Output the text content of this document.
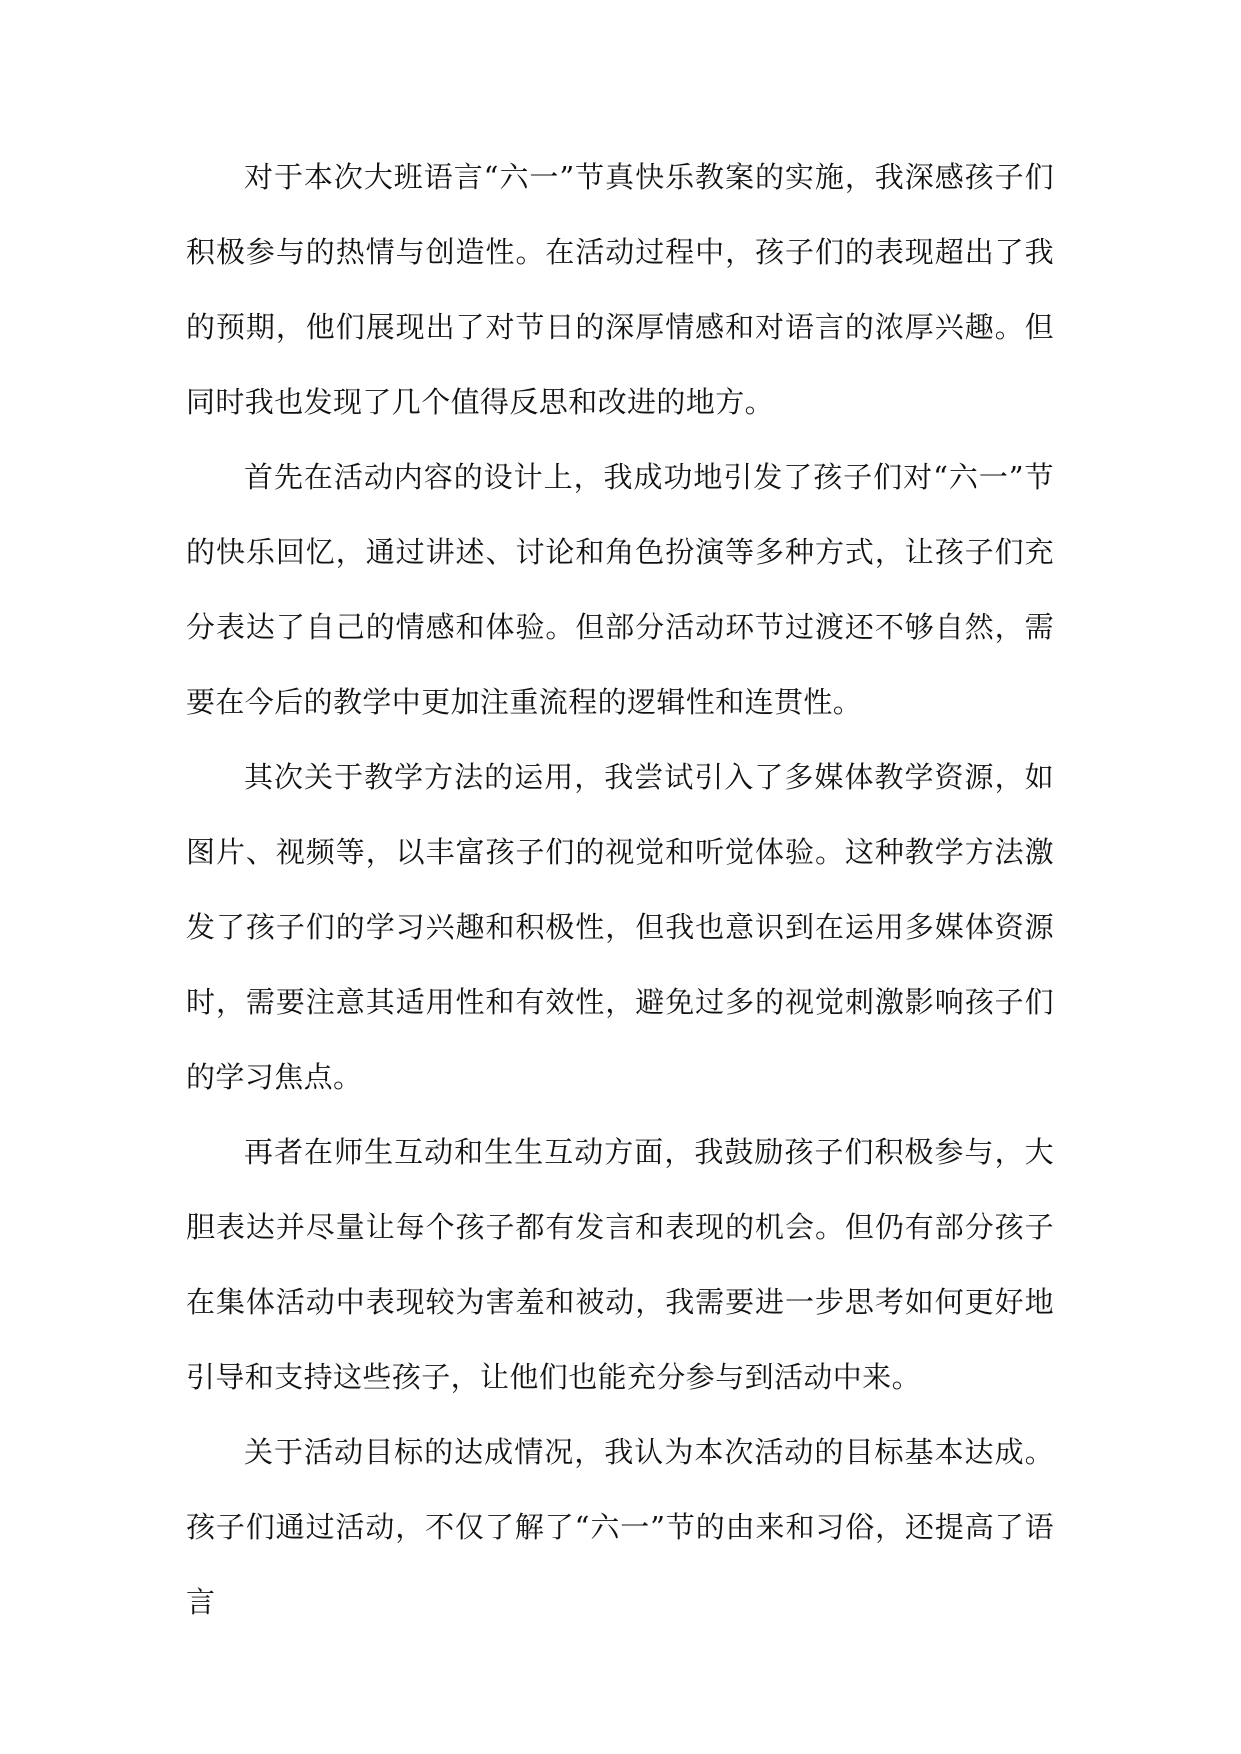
对于本次大班语言“六一”节真快乐教案的实施，我深感孩子们积极参与的热情与创造性。在活动过程中，孩子们的表现超出了我的预期，他们展现出了对节日的深厚情感和对语言的浓厚兴趣。但同时我也发现了几个值得反思和改进的地方。

首先在活动内容的设计上，我成功地引发了孩子们对“六一”节的快乐回忆，通过讲述、讨论和角色扮演等多种方式，让孩子们充分表达了自己的情感和体验。但部分活动环节过渡还不够自然，需要在今后的教学中更加注重流程的逻辑性和连贯性。

其次关于教学方法的运用，我尝试引入了多媒体教学资源，如图片、视频等，以丰富孩子们的视觉和听觉体验。这种教学方法激发了孩子们的学习兴趣和积极性，但我也意识到在运用多媒体资源时，需要注意其适用性和有效性，避免过多的视觉刺激影响孩子们的学习焦点。

再者在师生互动和生生互动方面，我鼓励孩子们积极参与，大胆表达并尽量让每个孩子都有发言和表现的机会。但仍有部分孩子在集体活动中表现较为害羞和被动，我需要进一步思考如何更好地引导和支持这些孩子，让他们也能充分参与到活动中来。

关于活动目标的达成情况，我认为本次活动的目标基本达成。孩子们通过活动，不仅了解了“六一”节的由来和习俗，还提高了语言
